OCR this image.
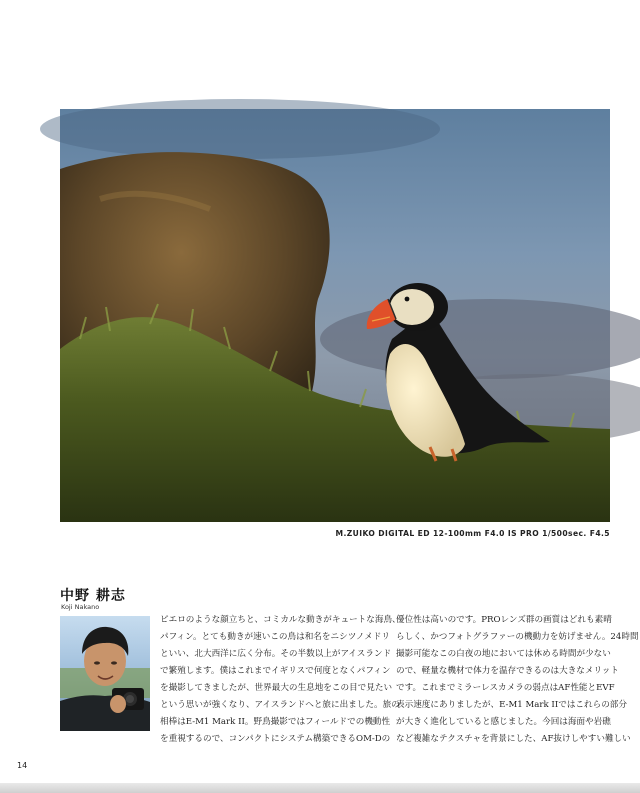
M.ZUIKO DIGITAL ED 12-100mm F4.0 IS PRO 1/500sec. F4.5
中野 耕志
Koji Nakano
ピエロのような顔立ちと、コミカルな動きがキュートな海鳥、
パフィン。とても動きが速いこの鳥は和名をニシツノメドリ
といい、北大西洋に広く分布。その半数以上がアイスランド
で繁殖します。僕はこれまでイギリスで何度となくパフィン
を撮影してきましたが、世界最大の生息地をこの目で見たい
という思いが強くなり、アイスランドへと旅に出ました。旅の
相棒はE-M1 Mark II。野鳥撮影ではフィールドでの機動性
を重視するので、コンパクトにシステム構築できるOM-Dの
優位性は高いのです。PROレンズ群の画質はどれも素晴
らしく、かつフォトグラファーの機動力を妨げません。24時間
撮影可能なこの白夜の地においては休める時間が少ない
ので、軽量な機材で体力を温存できるのは大きなメリット
です。これまでミラーレスカメラの弱点はAF性能とEVF
表示速度にありましたが、E-M1 Mark IIではこれらの部分
が大きく進化していると感じました。今回は海面や岩礁
など複雑なテクスチャを背景にした、AF抜けしやすい難しい
14
